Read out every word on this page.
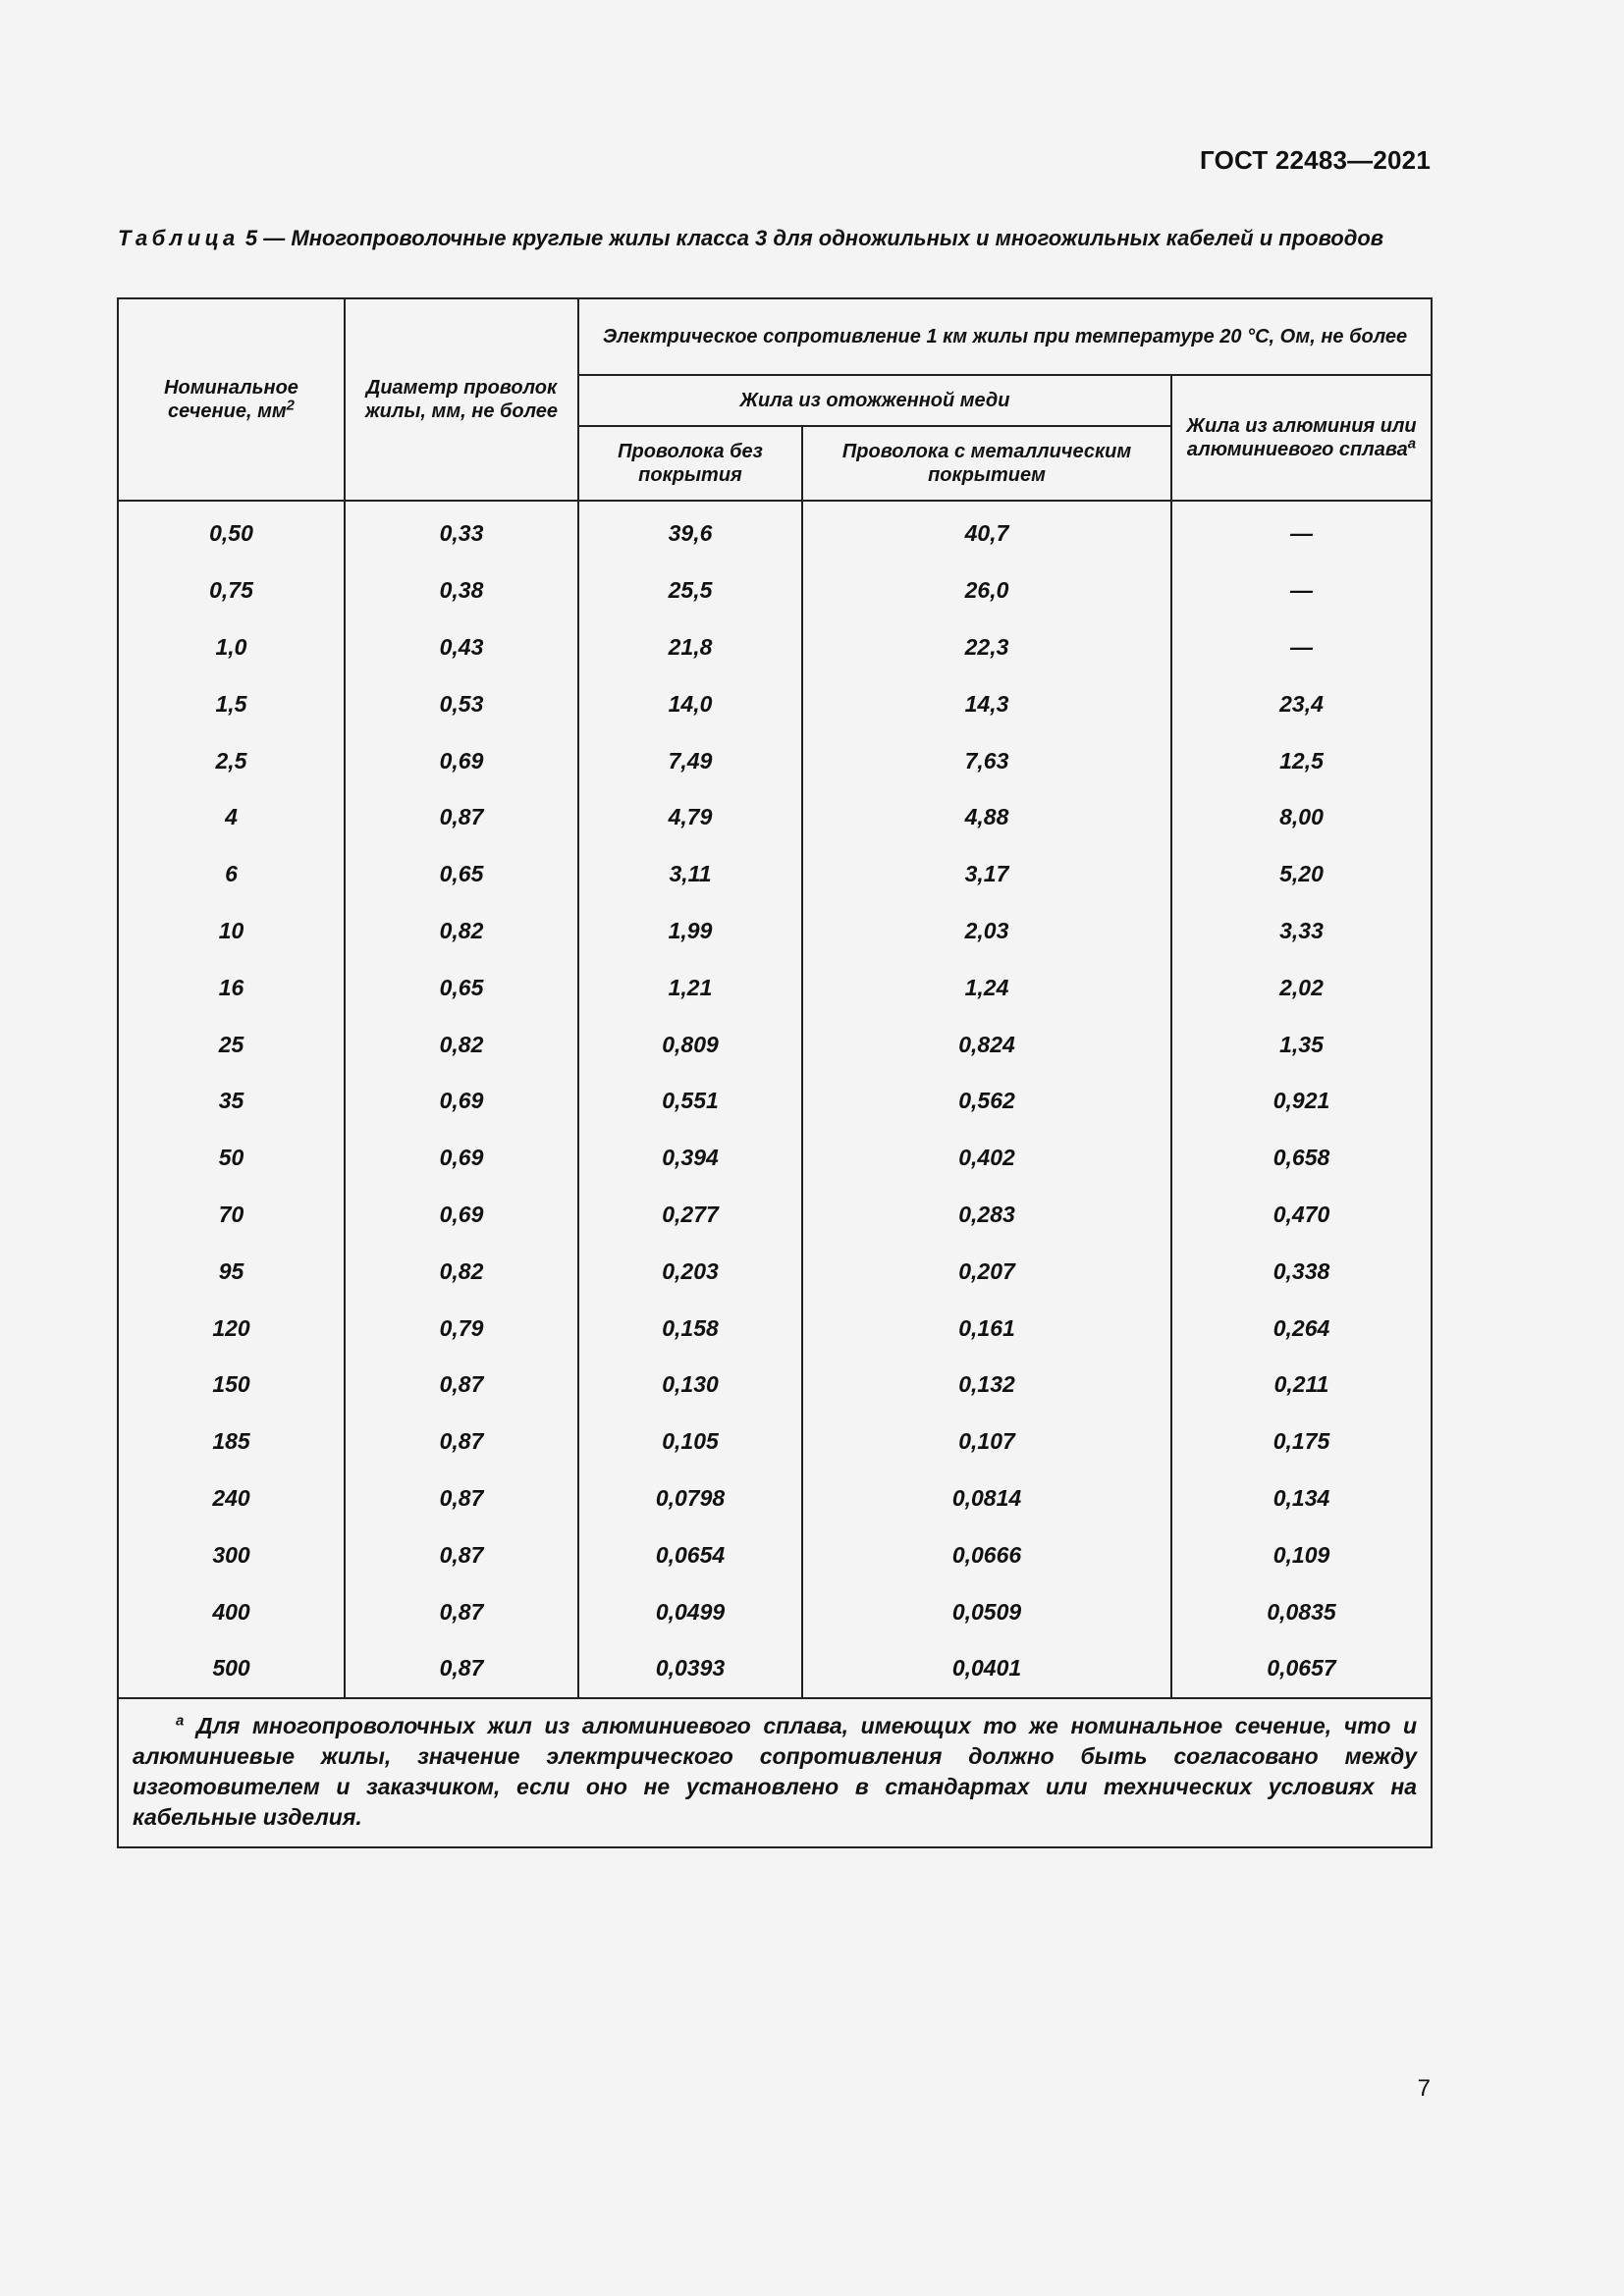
ГОСТ 22483—2021
Таблица 5 — Многопроволочные круглые жилы класса 3 для одножильных и многожильных кабелей и проводов
Номинальное сечение, $мм^2$	Диаметр проволок жилы, мм, не более	Электрическое сопротивление 1 км жилы при температуре 20 °С, Ом, не более		
		Жила из отожженной меди		Жила из алюминия или алюминиевого сплава$^a$
		Проволока без покрытия	Проволока с металлическим покрытием	
0,50	0,33	39,6	40,7	—
0,75	0,38	25,5	26,0	—
1,0	0,43	21,8	22,3	—
1,5	0,53	14,0	14,3	23,4
2,5	0,69	7,49	7,63	12,5
4	0,87	4,79	4,88	8,00
6	0,65	3,11	3,17	5,20
10	0,82	1,99	2,03	3,33
16	0,65	1,21	1,24	2,02
25	0,82	0,809	0,824	1,35
35	0,69	0,551	0,562	0,921
50	0,69	0,394	0,402	0,658
70	0,69	0,277	0,283	0,470
95	0,82	0,203	0,207	0,338
120	0,79	0,158	0,161	0,264
150	0,87	0,130	0,132	0,211
185	0,87	0,105	0,107	0,175
240	0,87	0,0798	0,0814	0,134
300	0,87	0,0654	0,0666	0,109
400	0,87	0,0499	0,0509	0,0835
500	0,87	0,0393	0,0401	0,0657

$^a$ Для многопроволочных жил из алюминиевого сплава, имеющих то же номинальное сечение, что и алюминиевые жилы, значение электрического сопротивления должно быть согласовано между изготовителем и заказчиком, если оно не установлено в стандартах или технических условиях на кабельные изделия.				
7
